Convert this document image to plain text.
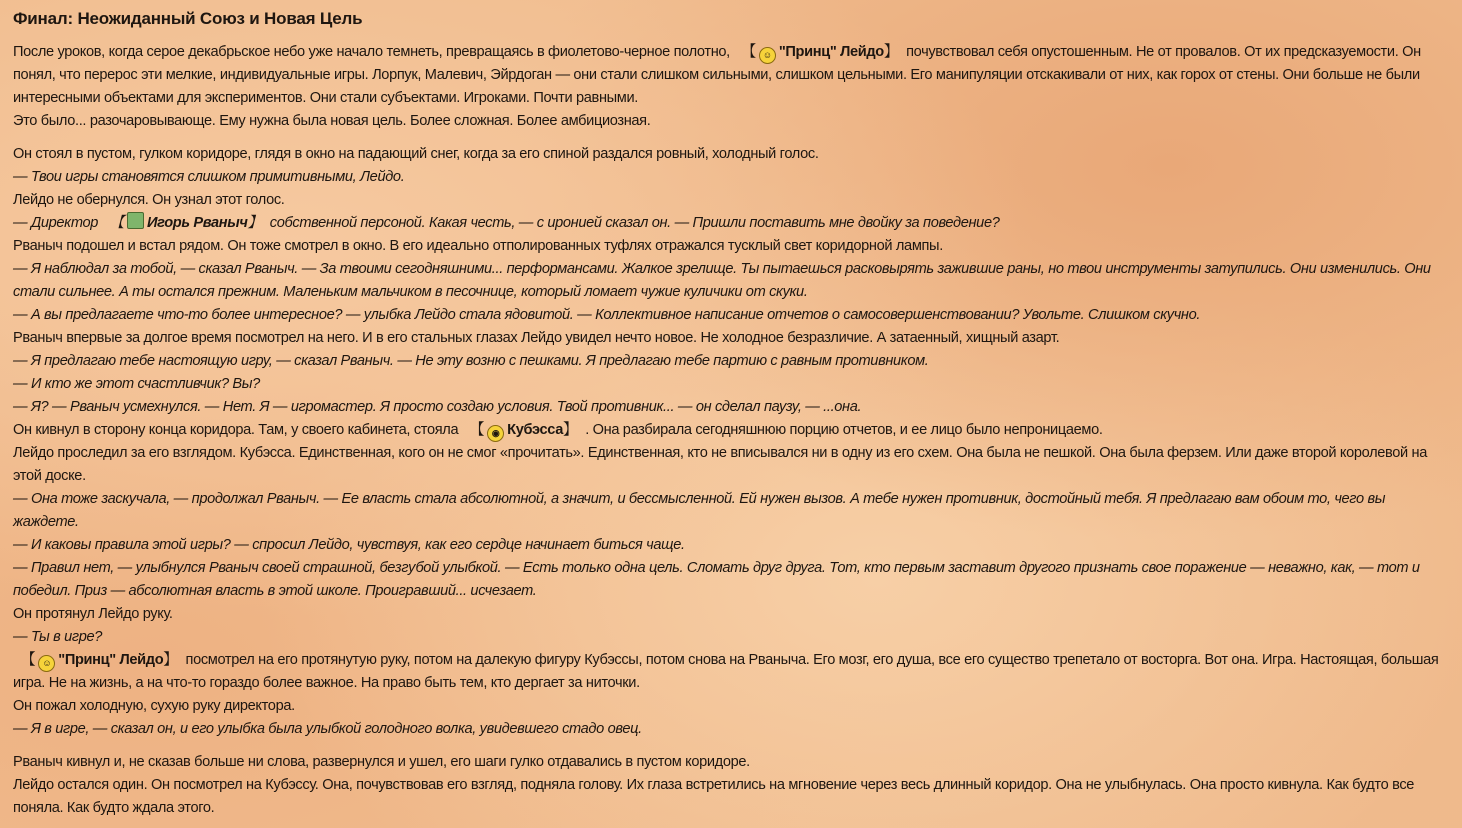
Финал: Неожиданный Союз и Новая Цель
После уроков, когда серое декабрьское небо уже начало темнеть, превращаясь в фиолетово-черное полотно, 【 ☺ "Принц" Лейдо】 почувствовал себя опустошенным. Не от провалов. От их предсказуемости. Он понял, что перерос эти мелкие, индивидуальные игры. Лорпук, Малевич, Эйрдоган — они стали слишком сильными, слишком цельными. Его манипуляции отскакивали от них, как горох от стены. Они больше не были интересными объектами для экспериментов. Они стали субъектами. Игроками. Почти равными.
Это было... разочаровывающе. Ему нужна была новая цель. Более сложная. Более амбициозная.
Он стоял в пустом, гулком коридоре, глядя в окно на падающий снег, когда за его спиной раздался ровный, холодный голос.
— Твои игры становятся слишком примитивными, Лейдо.
Лейдо не обернулся. Он узнал этот голос.
— Директор 【 Игорь Рваныч】 собственной персоной. Какая честь, — с иронией сказал он. — Пришли поставить мне двойку за поведение?
Рваныч подошел и встал рядом. Он тоже смотрел в окно. В его идеально отполированных туфлях отражался тусклый свет коридорной лампы.
— Я наблюдал за тобой, — сказал Рваныч. — За твоими сегодняшними... перформансами. Жалкое зрелище. Ты пытаешься расковырять зажившие раны, но твои инструменты затупились. Они изменились. Они стали сильнее. А ты остался прежним. Маленьким мальчиком в песочнице, который ломает чужие куличики от скуки.
— А вы предлагаете что-то более интересное? — улыбка Лейдо стала ядовитой. — Коллективное написание отчетов о самосовершенствовании? Увольте. Слишком скучно.
Рваныч впервые за долгое время посмотрел на него. И в его стальных глазах Лейдо увидел нечто новое. Не холодное безразличие. А затаенный, хищный азарт.
— Я предлагаю тебе настоящую игру, — сказал Рваныч. — Не эту возню с пешками. Я предлагаю тебе партию с равным противником.
— И кто же этот счастливчик? Вы?
— Я? — Рваныч усмехнулся. — Нет. Я — игромастер. Я просто создаю условия. Твой противник... — он сделал паузу, — ...она.
Он кивнул в сторону конца коридора. Там, у своего кабинета, стояла 【 ◉ Кубэсса】 . Она разбирала сегодняшнюю порцию отчетов, и ее лицо было непроницаемо.
Лейдо проследил за его взглядом. Кубэсса. Единственная, кого он не смог «прочитать». Единственная, кто не вписывался ни в одну из его схем. Она была не пешкой. Она была ферзем. Или даже второй королевой на этой доске.
— Она тоже заскучала, — продолжал Рваныч. — Ее власть стала абсолютной, а значит, и бессмысленной. Ей нужен вызов. А тебе нужен противник, достойный тебя. Я предлагаю вам обоим то, чего вы жаждете.
— И каковы правила этой игры? — спросил Лейдо, чувствуя, как его сердце начинает биться чаще.
— Правил нет, — улыбнулся Рваныч своей страшной, безгубой улыбкой. — Есть только одна цель. Сломать друг друга. Тот, кто первым заставит другого признать свое поражение — неважно, как, — тот и победил. Приз — абсолютная власть в этой школе. Проигравший... исчезает.
Он протянул Лейдо руку.
— Ты в игре?
【 ☺ "Принц" Лейдо】 посмотрел на его протянутую руку, потом на далекую фигуру Кубэссы, потом снова на Рваныча. Его мозг, его душа, все его существо трепетало от восторга. Вот она. Игра. Настоящая, большая игра. Не на жизнь, а на что-то гораздо более важное. На право быть тем, кто дергает за ниточки.
Он пожал холодную, сухую руку директора.
— Я в игре, — сказал он, и его улыбка была улыбкой голодного волка, увидевшего стадо овец.
Рваныч кивнул и, не сказав больше ни слова, развернулся и ушел, его шаги гулко отдавались в пустом коридоре.
Лейдо остался один. Он посмотрел на Кубэссу. Она, почувствовав его взгляд, подняла голову. Их глаза встретились на мгновение через весь длинный коридор. Она не улыбнулась. Она просто кивнула. Как будто все поняла. Как будто ждала этого.
